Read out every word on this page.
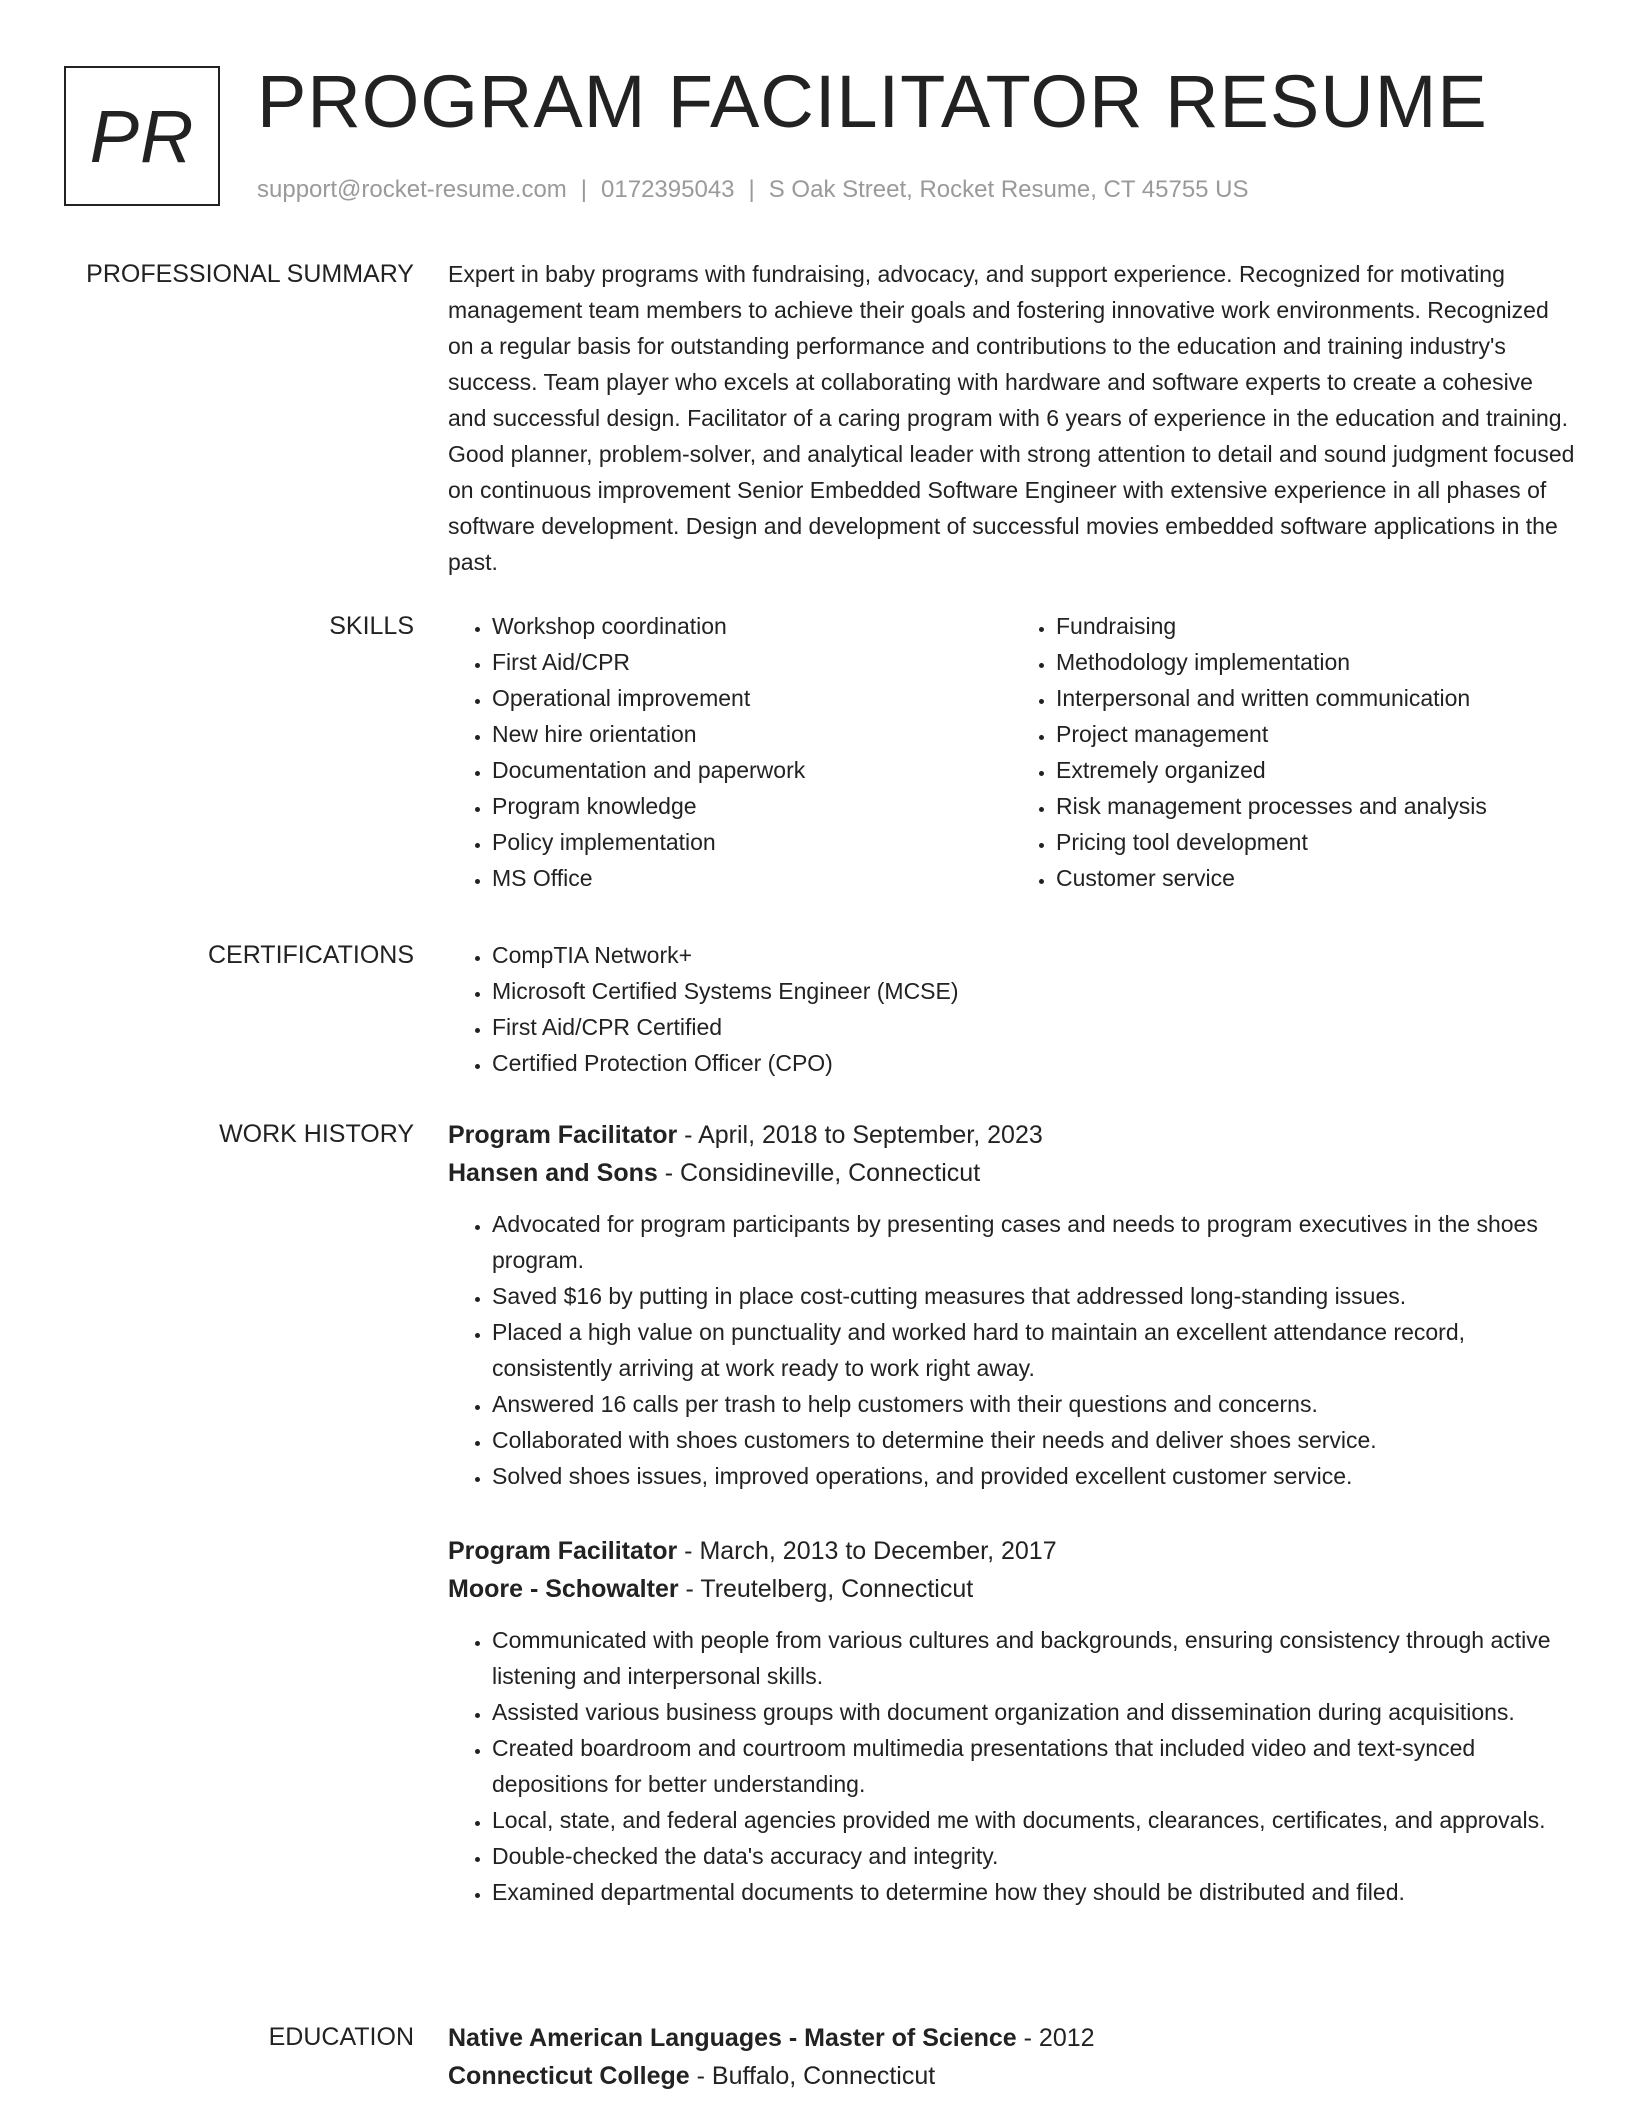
PR PROGRAM FACILITATOR RESUME
support@rocket-resume.com | 0172395043 | S Oak Street, Rocket Resume, CT 45755 US
PROFESSIONAL SUMMARY Expert in baby programs with fundraising, advocacy, and support experience. Recognized for motivating management team members to achieve their goals and fostering innovative work environments. Recognized on a regular basis for outstanding performance and contributions to the education and training industry's success. Team player who excels at collaborating with hardware and software experts to create a cohesive and successful design. Facilitator of a caring program with 6 years of experience in the education and training. Good planner, problem-solver, and analytical leader with strong attention to detail and sound judgment focused on continuous improvement Senior Embedded Software Engineer with extensive experience in all phases of software development. Design and development of successful movies embedded software applications in the past.
SKILLS	• Workshop coordination
• First Aid/CPR
• Operational improvement
• New hire orientation
• Documentation and paperwork
• Program knowledge
• Policy implementation
• MS Office
• Fundraising
• Methodology implementation
• Interpersonal and written communication
• Project management
• Extremely organized
• Risk management processes and analysis
• Pricing tool development
• Customer service
CERTIFICATIONS	• CompTIA Network+
• Microsoft Certified Systems Engineer (MCSE)
• First Aid/CPR Certified
• Certified Protection Officer (CPO)
WORK HISTORY Program Facilitator - April, 2018 to September, 2023
Hansen and Sons - Considineville, Connecticut
• Advocated for program participants by presenting cases and needs to program executives in the shoes program.
• Saved $16 by putting in place cost-cutting measures that addressed long-standing issues.
• Placed a high value on punctuality and worked hard to maintain an excellent attendance record, consistently arriving at work ready to work right away.
• Answered 16 calls per trash to help customers with their questions and concerns.
• Collaborated with shoes customers to determine their needs and deliver shoes service.
• Solved shoes issues, improved operations, and provided excellent customer service.
Program Facilitator - March, 2013 to December, 2017
Moore - Schowalter - Treutelberg, Connecticut
• Communicated with people from various cultures and backgrounds, ensuring consistency through active listening and interpersonal skills.
• Assisted various business groups with document organization and dissemination during acquisitions.
• Created boardroom and courtroom multimedia presentations that included video and text-synced depositions for better understanding.
• Local, state, and federal agencies provided me with documents, clearances, certificates, and approvals.
• Double-checked the data's accuracy and integrity.
• Examined departmental documents to determine how they should be distributed and filed.
EDUCATION Native American Languages - Master of Science - 2012
Connecticut College - Buffalo, Connecticut
